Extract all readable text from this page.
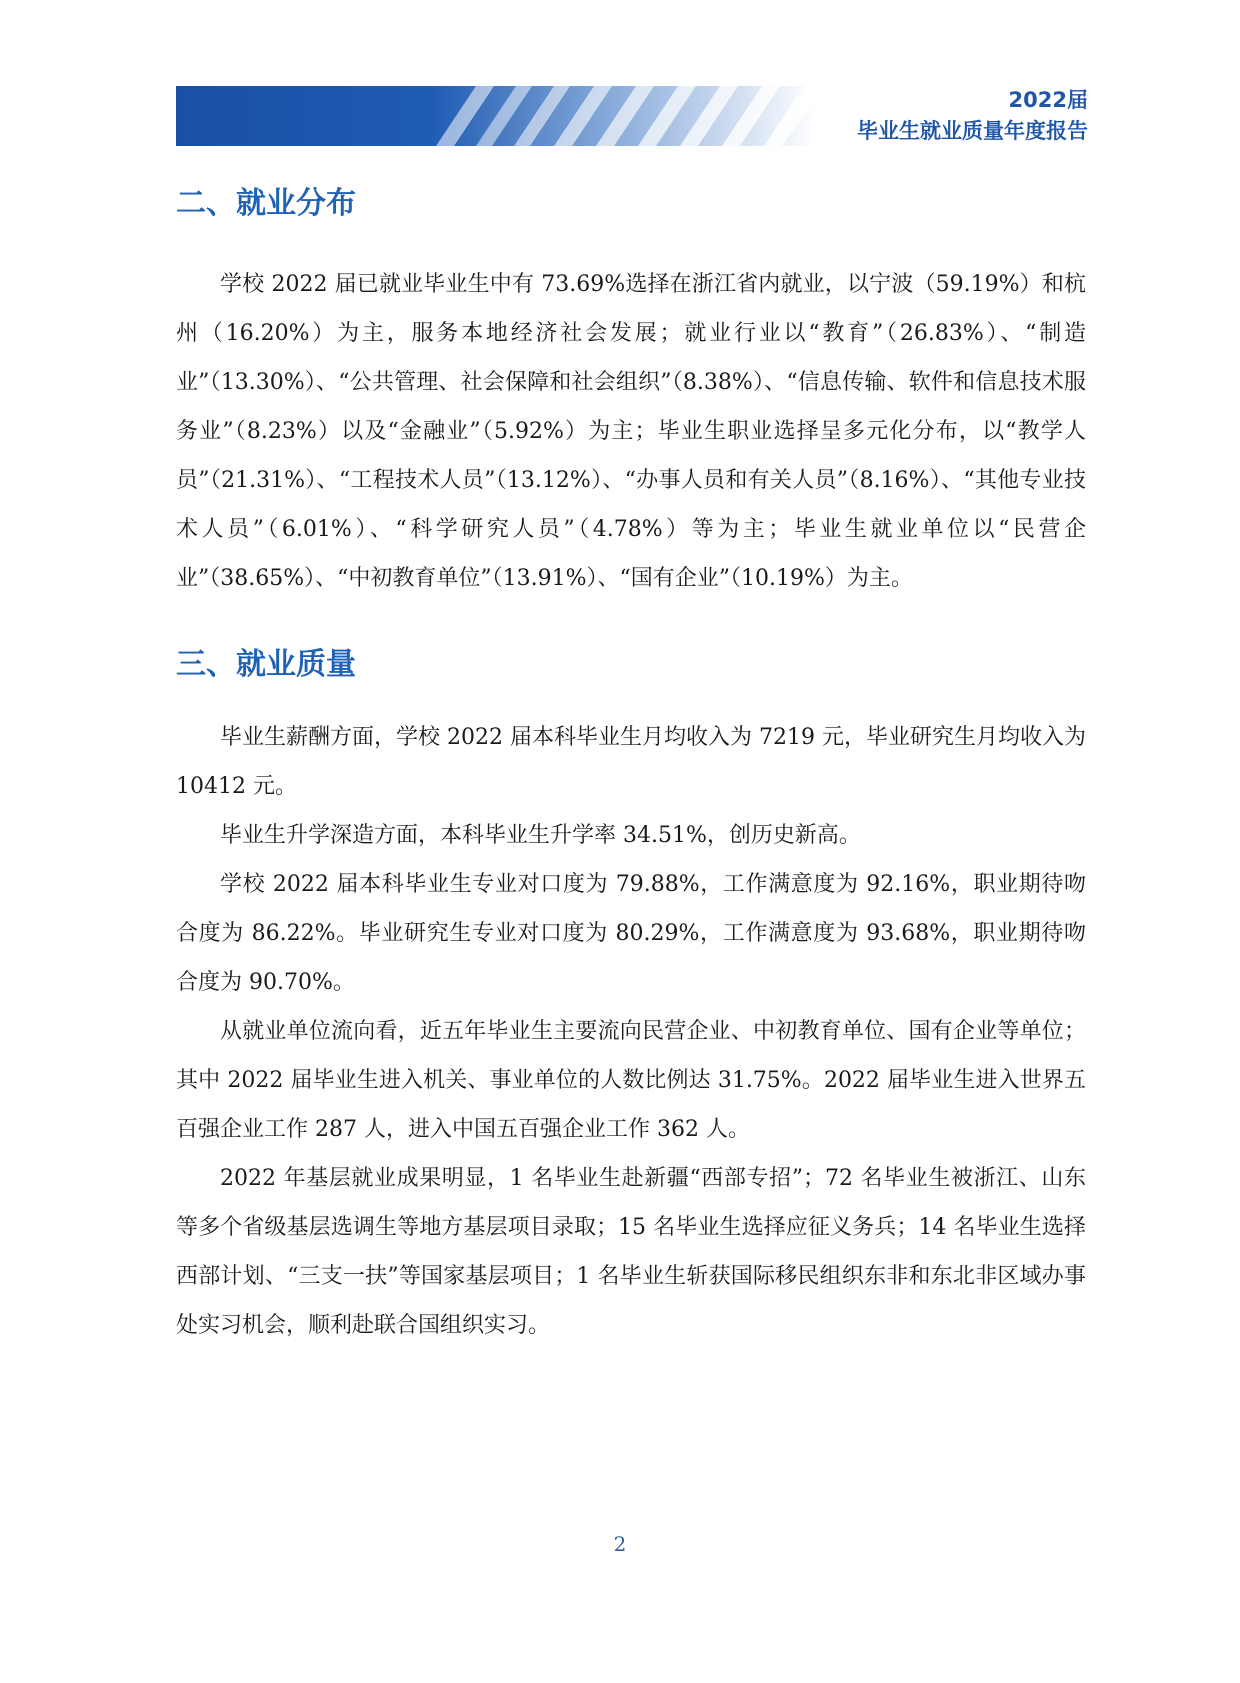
2022届
毕业生就业质量年度报告
二、就业分布

学校 2022 届已就业毕业生中有 73.69%选择在浙江省内就业，以宁波（59.19%）和杭州（16.20%）为主，服务本地经济社会发展；就业行业以“教育”（26.83%）、“制造业”（13.30%）、“公共管理、社会保障和社会组织”（8.38%）、“信息传输、软件和信息技术服务业”（8.23%）以及“金融业”（5.92%）为主；毕业生职业选择呈多元化分布，以“教学人员”（21.31%）、“工程技术人员”（13.12%）、“办事人员和有关人员”（8.16%）、“其他专业技术人员”（6.01%）、“科学研究人员”（4.78%）等为主；毕业生就业单位以“民营企业”（38.65%）、“中初教育单位”（13.91%）、“国有企业”（10.19%）为主。

三、就业质量

毕业生薪酬方面，学校 2022 届本科毕业生月均收入为 7219 元，毕业研究生月均收入为 10412 元。

毕业生升学深造方面，本科毕业生升学率 34.51%，创历史新高。

学校 2022 届本科毕业生专业对口度为 79.88%，工作满意度为 92.16%，职业期待吻合度为 86.22%。毕业研究生专业对口度为 80.29%，工作满意度为 93.68%，职业期待吻合度为 90.70%。

从就业单位流向看，近五年毕业生主要流向民营企业、中初教育单位、国有企业等单位；其中 2022 届毕业生进入机关、事业单位的人数比例达 31.75%。2022 届毕业生进入世界五百强企业工作 287 人，进入中国五百强企业工作 362 人。

2022 年基层就业成果明显，1 名毕业生赴新疆“西部专招”；72 名毕业生被浙江、山东等多个省级基层选调生等地方基层项目录取；15 名毕业生选择应征义务兵；14 名毕业生选择西部计划、“三支一扶”等国家基层项目；1 名毕业生斩获国际移民组织东非和东北非区域办事处实习机会，顺利赴联合国组织实习。

2
